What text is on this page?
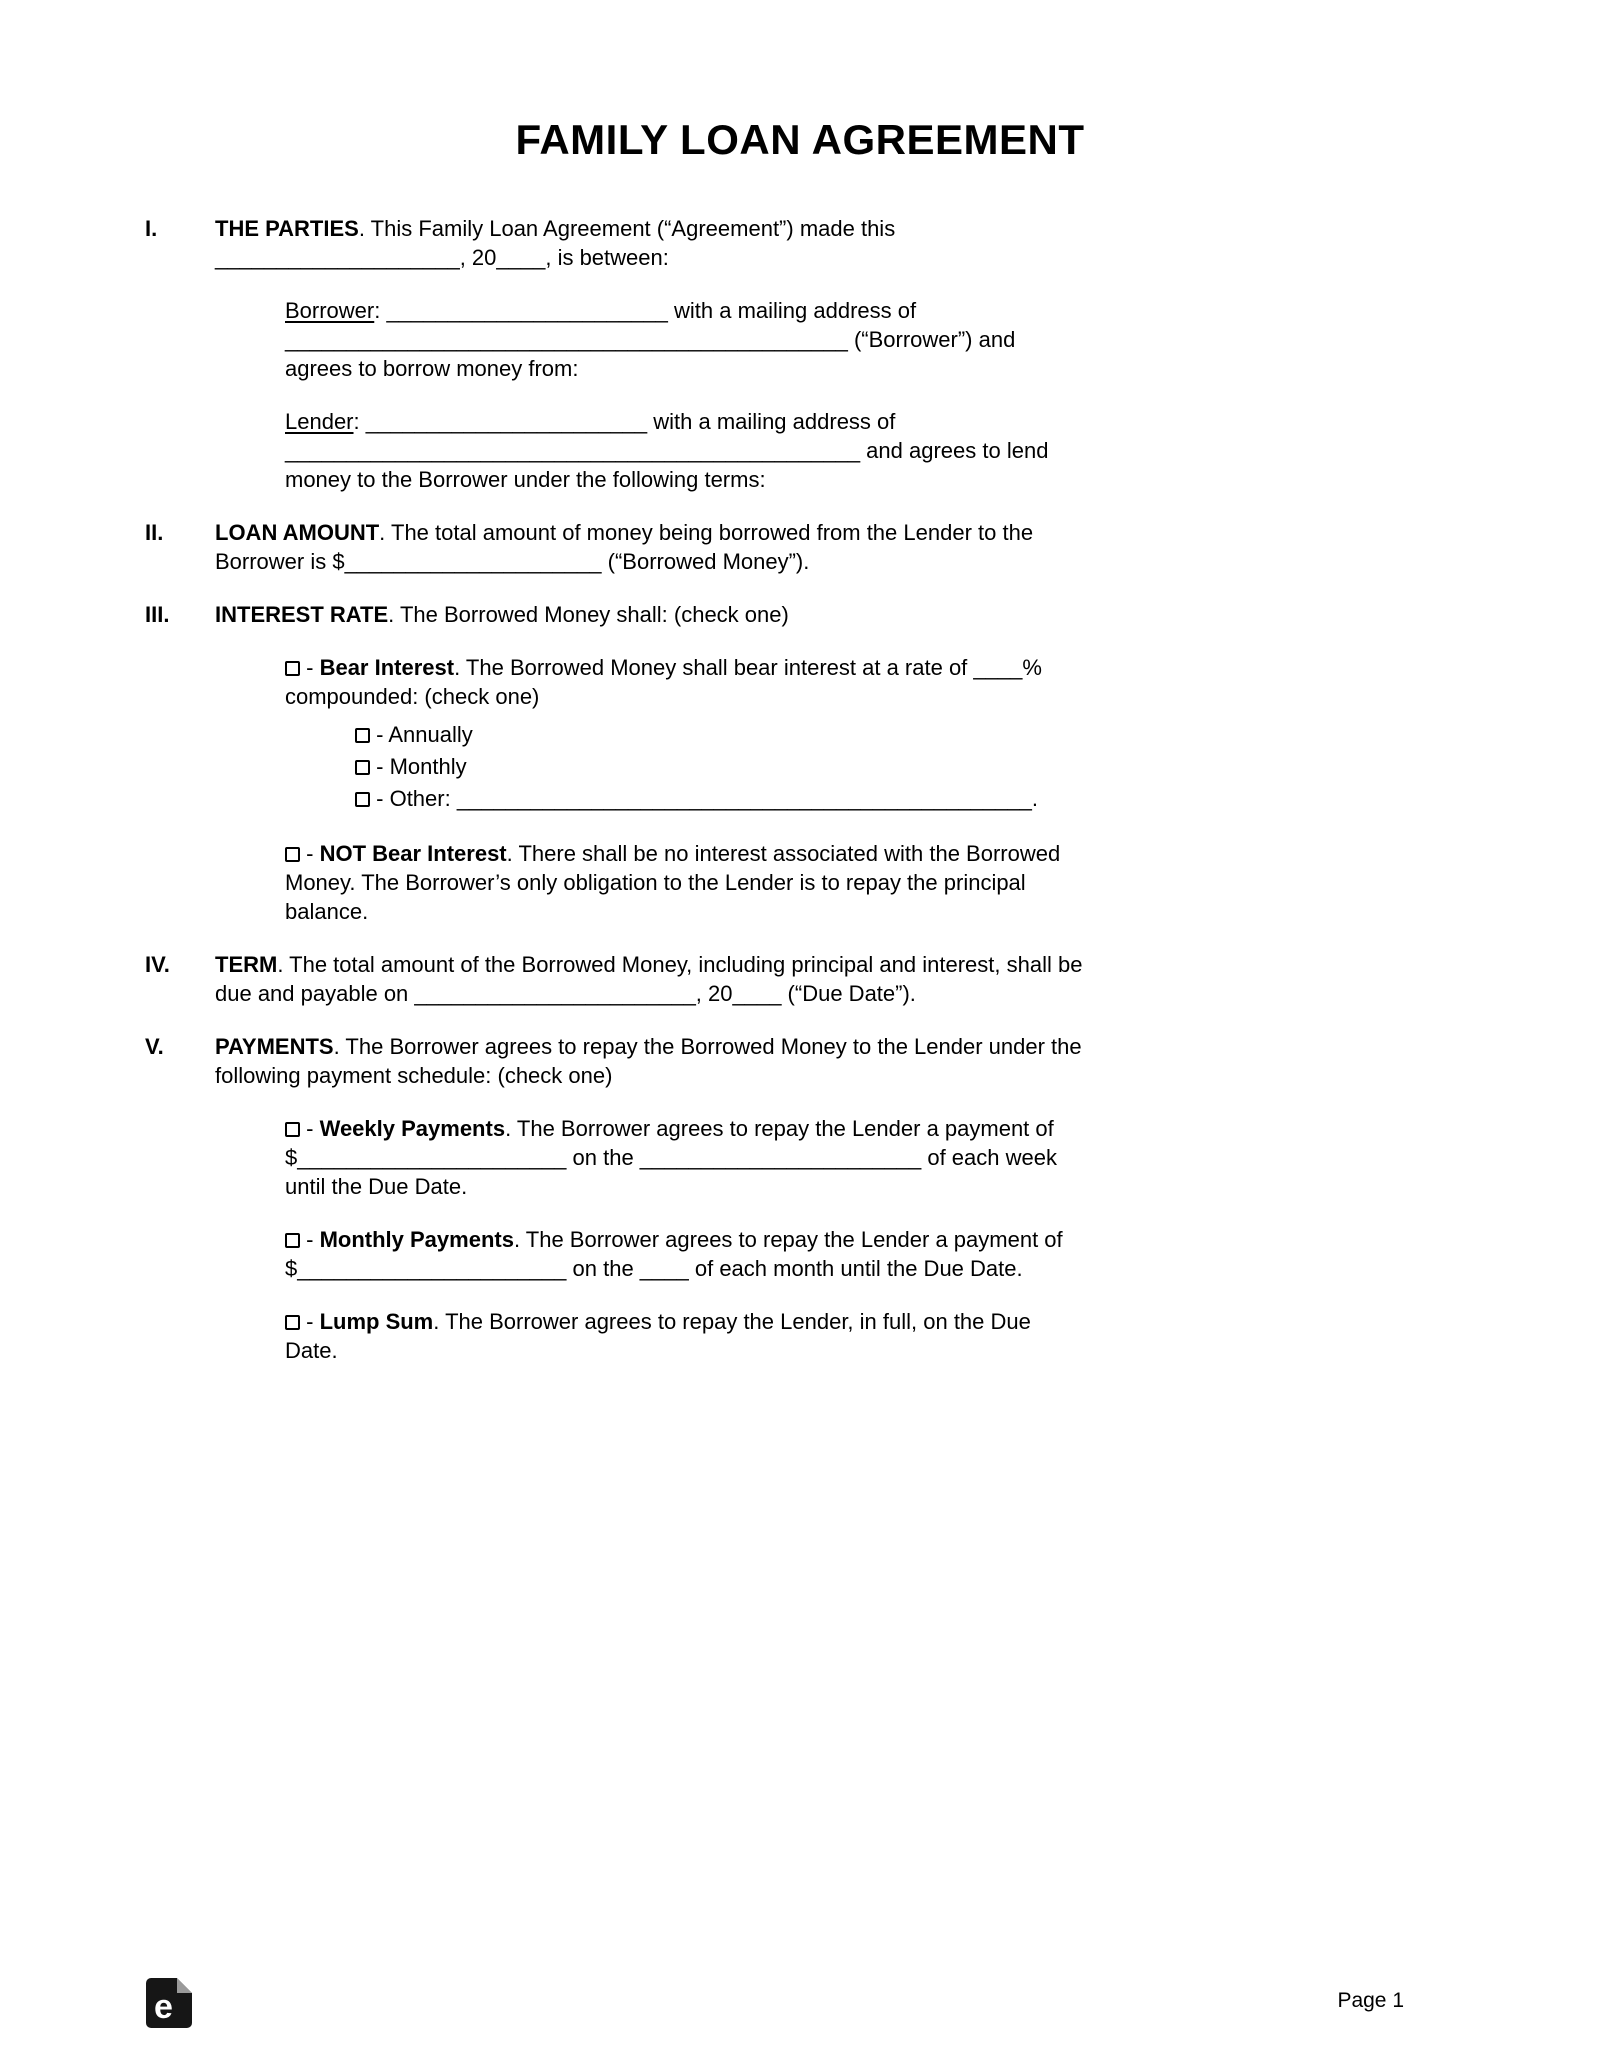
FAMILY LOAN AGREEMENT
I.	THE PARTIES. This Family Loan Agreement (“Agreement”) made this ____________________, 20____, is between:

Borrower: _______________________ with a mailing address of ______________________________________________ (“Borrower”) and agrees to borrow money from:

Lender: _______________________ with a mailing address of _______________________________________________ and agrees to lend money to the Borrower under the following terms:

II.	LOAN AMOUNT. The total amount of money being borrowed from the Lender to the Borrower is $_____________________ (“Borrowed Money”).

III.	INTEREST RATE. The Borrowed Money shall: (check one)

- Bear Interest. The Borrowed Money shall bear interest at a rate of ____% compounded: (check one)

- Annually
- Monthly
- Other: _______________________________________________.

- NOT Bear Interest. There shall be no interest associated with the Borrowed Money. The Borrower’s only obligation to the Lender is to repay the principal balance.

IV.	TERM. The total amount of the Borrowed Money, including principal and interest, shall be due and payable on _______________________, 20____ (“Due Date”).

V.	PAYMENTS. The Borrower agrees to repay the Borrowed Money to the Lender under the following payment schedule: (check one)

- Weekly Payments. The Borrower agrees to repay the Lender a payment of $______________________ on the _______________________ of each week until the Due Date.

- Monthly Payments. The Borrower agrees to repay the Lender a payment of $______________________ on the ____ of each month until the Due Date.

- Lump Sum. The Borrower agrees to repay the Lender, in full, on the Due Date.

e	Page 1
